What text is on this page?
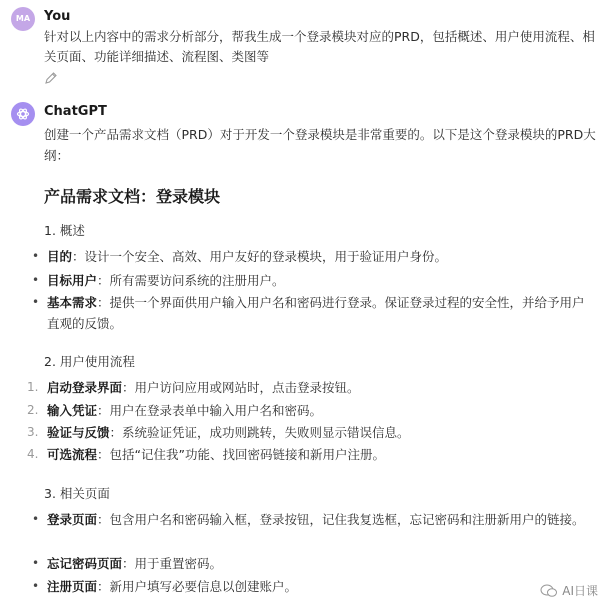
MA	You
针对以上内容中的需求分析部分，帮我生成一个登录模块对应的PRD，包括概述、用户使用流程、相关页面、功能详细描述、流程图、类图等
ChatGPT
创建一个产品需求文档（PRD）对于开发一个登录模块是非常重要的。以下是这个登录模块的PRD大纲：
产品需求文档：登录模块
1. 概述
• 目的：设计一个安全、高效、用户友好的登录模块，用于验证用户身份。
• 目标用户：所有需要访问系统的注册用户。
• 基本需求：提供一个界面供用户输入用户名和密码进行登录。保证登录过程的安全性，并给予用户直观的反馈。
2. 用户使用流程
1. 启动登录界面：用户访问应用或网站时，点击登录按钮。
2. 输入凭证：用户在登录表单中输入用户名和密码。
3. 验证与反馈：系统验证凭证，成功则跳转，失败则显示错误信息。
4. 可选流程：包括“记住我”功能、找回密码链接和新用户注册。
3. 相关页面
• 登录页面：包含用户名和密码输入框，登录按钮，记住我复选框，忘记密码和注册新用户的链接。
• 忘记密码页面：用于重置密码。
• 注册页面：新用户填写必要信息以创建账户。	AI日课
